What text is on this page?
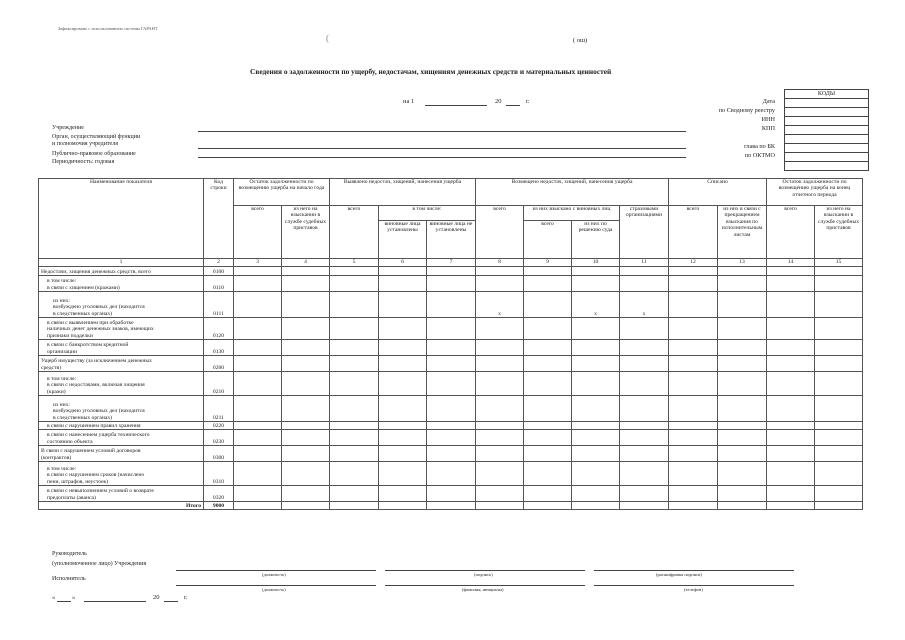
Зафиксировано с использованием системы ГАРАНТ
(	( ош)
Сведения о задолженности по ущербу, недостачам, хищениям денежных средств и материальных ценностей
на 1	20	г.
КОДЫ

Дата
по Сводному реестру
ИНН
КПП
глава по БК
по ОКТМО
Учреждение
Орган, осуществляющий функции
и полномочия учредителя
Публично-правовое образование
Периодичность: годовая
Наименование показателя	Код строки	Остаток задолженности по возмещению ущерба на начало года		Выявлено недостач, хищений, нанесения ущерба			Возмещено недостач, хищений, нанесения ущерба				Списано		Остаток задолженности по возмещению ущерба на конец отчетного периода	
		всего	из него на взыскании в службе судебных приставов	всего	в том числе:		всего	из них взыскано с виновных лиц		страховыми организациями	всего	из них в связи с прекращением взыскания по исполнительным листам	всего	из него на взыскании в службе судебных приставов
					виновные лица установлены	виновные лица не установлены		всего	из них по решению суда					
1	2	3	4	5	6	7	8	9	10	11	12	13	14	15
Недостачи, хищения денежных средств, всего	0100													
в том числе:
в связи с хищением (кражами)	0110													
из них:
возбуждено уголовных дел (находится
в следственных органах)	0111						х		х	х				
в связи с выявлением при обработке
наличных денег денежных знаков, имеющих
признаки подделки	0120													
в связи с банкротством кредитной
организации	0130													
Ущерб имуществу (за исключением денежных
средств)	0200													
в том числе:
в связи с недостачами, включая хищения
(кражи)	0210													
из них:
возбуждено уголовных дел (находится
в следственных органах)	0211													
в связи с нарушением правил хранения	0220													
в связи с нанесением ущерба технического
состоянию объекта	0230													
В связи с нарушением условий договоров
(контрактов)	0300													
в том числе:
в связи с нарушением сроков (начислено
пени, штрафов, неустоек)	0310													
в связи с невыполнением условий о возврате
предоплаты (аванса)	0320													
Итого	9000													
Руководитель
(уполномоченное лицо) Учреждения
(должность)	(подпись)	(расшифровка подписи)
Исполнитель
(должность)	(фамилия, инициалы)	(телефон)
«	»	20	г.
